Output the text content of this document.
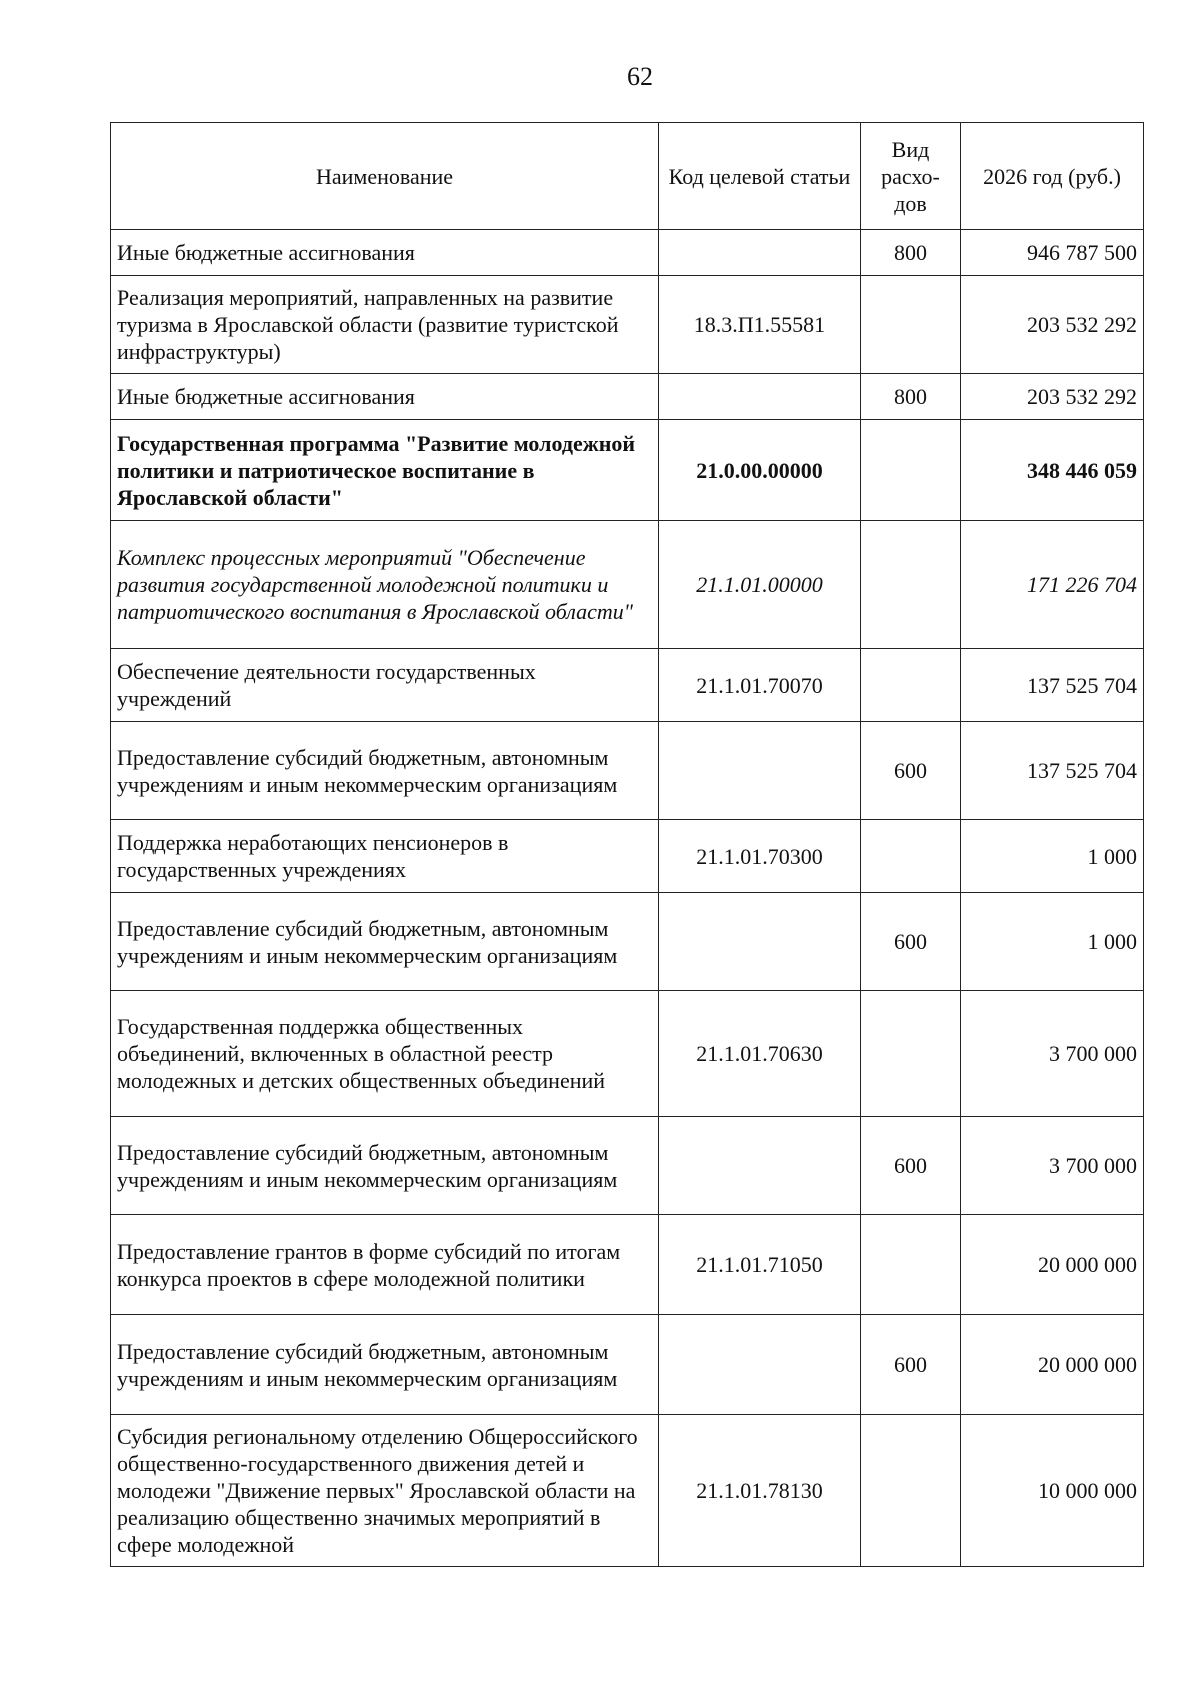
62
Наименование	Код целевой статьи	Вид расхо-дов	2026 год (руб.)
Иные бюджетные ассигнования		800	946 787 500
Реализация мероприятий, направленных на развитие туризма в Ярославской области (развитие туристской инфраструктуры)	18.3.П1.55581		203 532 292
Иные бюджетные ассигнования		800	203 532 292
Государственная программа "Развитие молодежной политики и патриотическое воспитание в Ярославской области"	21.0.00.00000		348 446 059
Комплекс процессных мероприятий "Обеспечение развития государственной молодежной политики и патриотического воспитания в Ярославской области"	21.1.01.00000		171 226 704
Обеспечение деятельности государственных учреждений	21.1.01.70070		137 525 704
Предоставление субсидий бюджетным, автономным учреждениям и иным некоммерческим организациям		600	137 525 704
Поддержка неработающих пенсионеров в государственных учреждениях	21.1.01.70300		1 000
Предоставление субсидий бюджетным, автономным учреждениям и иным некоммерческим организациям		600	1 000
Государственная поддержка общественных объединений, включенных в областной реестр молодежных и детских общественных объединений	21.1.01.70630		3 700 000
Предоставление субсидий бюджетным, автономным учреждениям и иным некоммерческим организациям		600	3 700 000
Предоставление грантов в форме субсидий по итогам конкурса проектов в сфере молодежной политики	21.1.01.71050		20 000 000
Предоставление субсидий бюджетным, автономным учреждениям и иным некоммерческим организациям		600	20 000 000
Субсидия региональному отделению Общероссийского общественно-государственного движения детей и молодежи "Движение первых" Ярославской области на реализацию общественно значимых мероприятий в сфере молодежной	21.1.01.78130		10 000 000
